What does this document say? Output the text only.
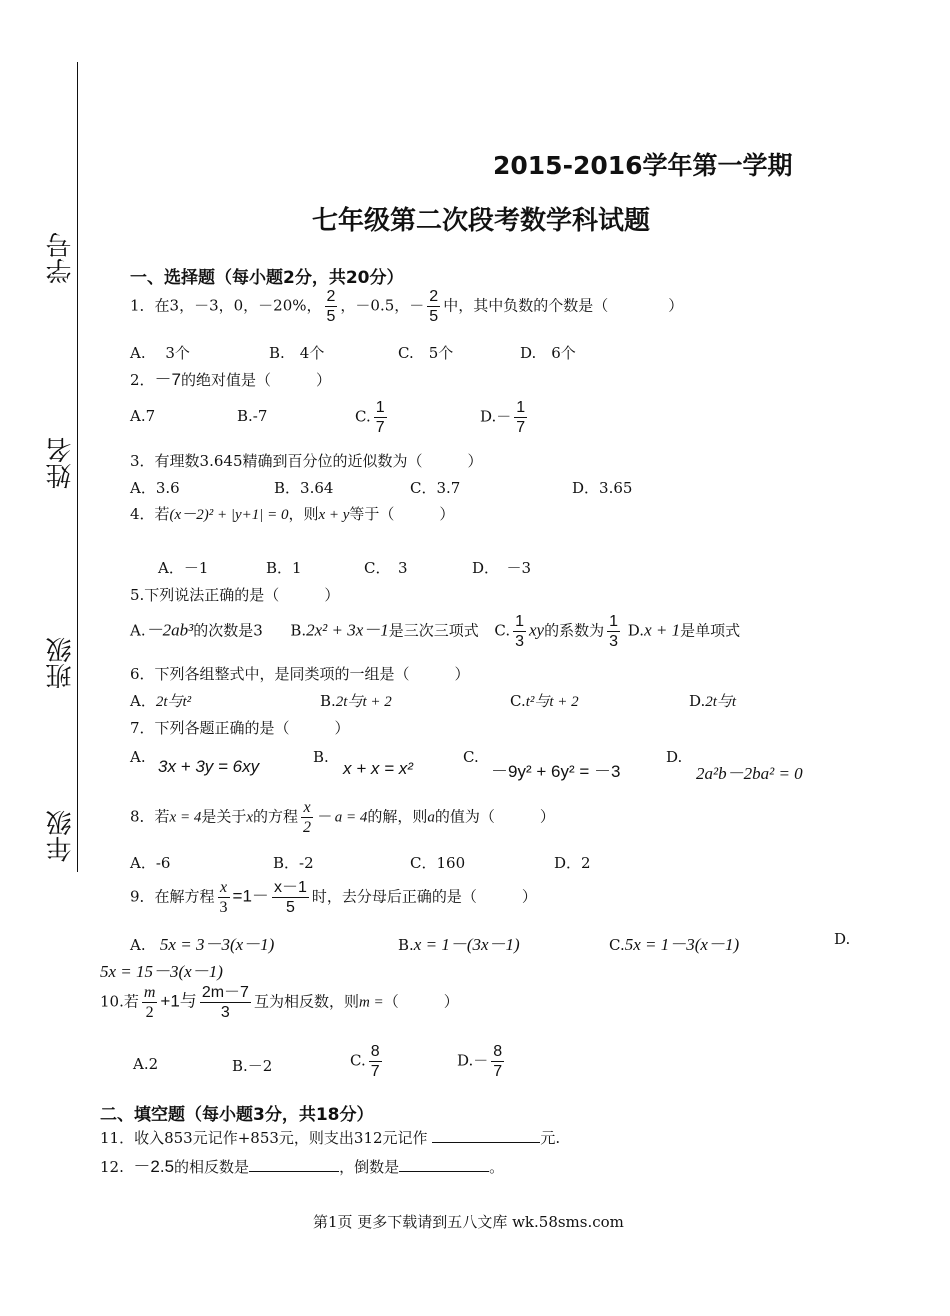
学号
姓名
班级
年级
2015-2016学年第一学期
七年级第二次段考数学科试题
一、选择题（每小题2分，共20分）
1．在3，－3，0，－20%， $\frac{2}{5}$ ，－0.5，－ $\frac{2}{5}$ 中，其中负数的个数是（　　　　）
A.　 3个	B.　4个	C.　5个	D.　6个
2．－7的绝对值是（　　　）
A.7	B.-7	C. $\frac{1}{7}$	$D.- \frac{1}{7}$
3．有理数3.645精确到百分位的近似数为（　　　）
A．3.6	B．3.64	C．3.7	D．3.65
4．若(x－2)² + |y+1| = 0，则x + y等于（　　　）
A．－1	B．1	C．　3	D．　－3
5.下列说法正确的是（　　　）
A.－2ab³的次数是3 B.2x² + 3x－1是三次三项式 C. $\frac{1}{3}$ xy的系数为 $\frac{1}{3} D.x + 1$是单项式
6．下列各组整式中，是同类项的一组是（　　　）
A．2t与t²	B.2t与t + 2	C.t²与t + 2	D.2t与t
7．下列各题正确的是（　　　）
A. 3x + 3y = 6xy	B.
x + x = x²
C.
－9y² + 6y² = －3
D.
2a²b－2ba² = 0
8．若x = 4是关于x的方程 $\frac{x}{2} - a = 4$的解，则a的值为（　　　）
A．-6	B．-2	C．160	D．2
9．在解方程 $\frac{x}{3} =1- \frac{x-1}{5}$ 时，去分母后正确的是（　　　）
A. 5x = 3－3(x－1)	B.x = 1－(3x－1)	C.5x = 1－3(x－1)	D.
5x = 15－3(x－1)
10.若 $\frac{m}{2} +1$与 $\frac{2m-7}{3}$ 互为相反数，则m =（　　　）
A.2	B.－2	C. $\frac{8}{7}$	$D.- \frac{8}{7}$
二、填空题（每小题3分，共18分）
11．收入853元记作+853元，则支出312元记作	元.
12. －2.5的相反数是	，倒数是	。
第1页 更多下载请到五八文库 wk.58sms.com
